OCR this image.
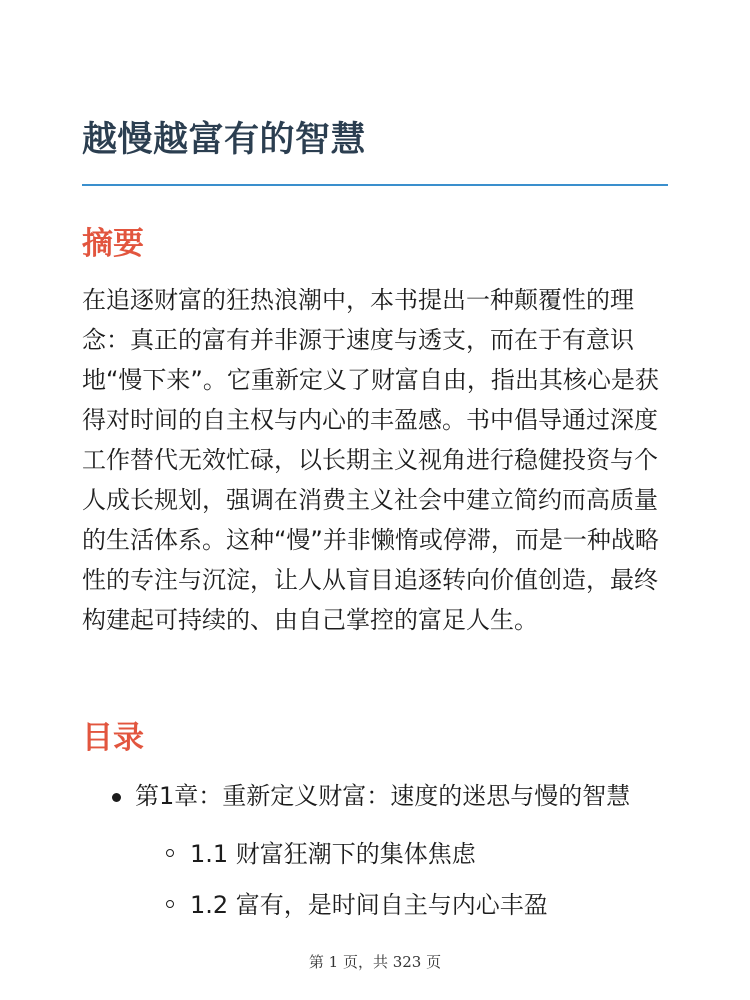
越慢越富有的智慧
摘要

在追逐财富的狂热浪潮中，本书提出一种颠覆性的理念：真正的富有并非源于速度与透支，而在于有意识地“慢下来”。它重新定义了财富自由，指出其核心是获得对时间的自主权与内心的丰盈感。书中倡导通过深度工作替代无效忙碌，以长期主义视角进行稳健投资与个人成长规划，强调在消费主义社会中建立简约而高质量的生活体系。这种“慢”并非懒惰或停滞，而是一种战略性的专注与沉淀，让人从盲目追逐转向价值创造，最终构建起可持续的、由自己掌控的富足人生。

目录
第1章：重新定义财富：速度的迷思与慢的智慧
1.1 财富狂潮下的集体焦虑
1.2 富有，是时间自主与内心丰盈
第 1 页，共 323 页
